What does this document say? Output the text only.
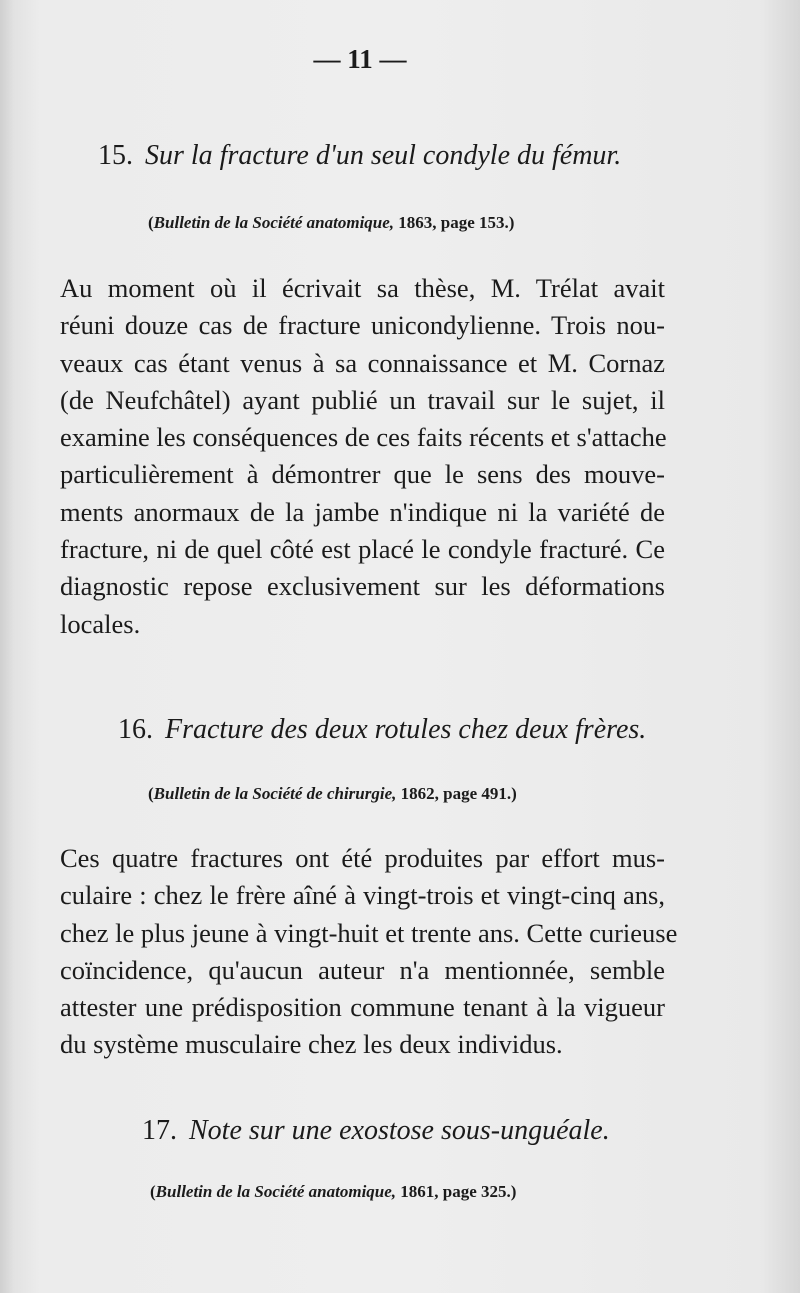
— 11 —
15. Sur la fracture d'un seul condyle du fémur.
(Bulletin de la Société anatomique, 1863, page 153.)
Au moment où il écrivait sa thèse, M. Trélat avait
réuni douze cas de fracture unicondylienne. Trois nou-
veaux cas étant venus à sa connaissance et M. Cornaz
(de Neufchâtel) ayant publié un travail sur le sujet, il
examine les conséquences de ces faits récents et s'attache
particulièrement à démontrer que le sens des mouve-
ments anormaux de la jambe n'indique ni la variété de
fracture, ni de quel côté est placé le condyle fracturé. Ce
diagnostic repose exclusivement sur les déformations
locales.
16. Fracture des deux rotules chez deux frères.
(Bulletin de la Société de chirurgie, 1862, page 491.)
Ces quatre fractures ont été produites par effort mus-
culaire : chez le frère aîné à vingt-trois et vingt-cinq ans,
chez le plus jeune à vingt-huit et trente ans. Cette curieuse
coïncidence, qu'aucun auteur n'a mentionnée, semble
attester une prédisposition commune tenant à la vigueur
du système musculaire chez les deux individus.
17. Note sur une exostose sous-unguéale.
(Bulletin de la Société anatomique, 1861, page 325.)
